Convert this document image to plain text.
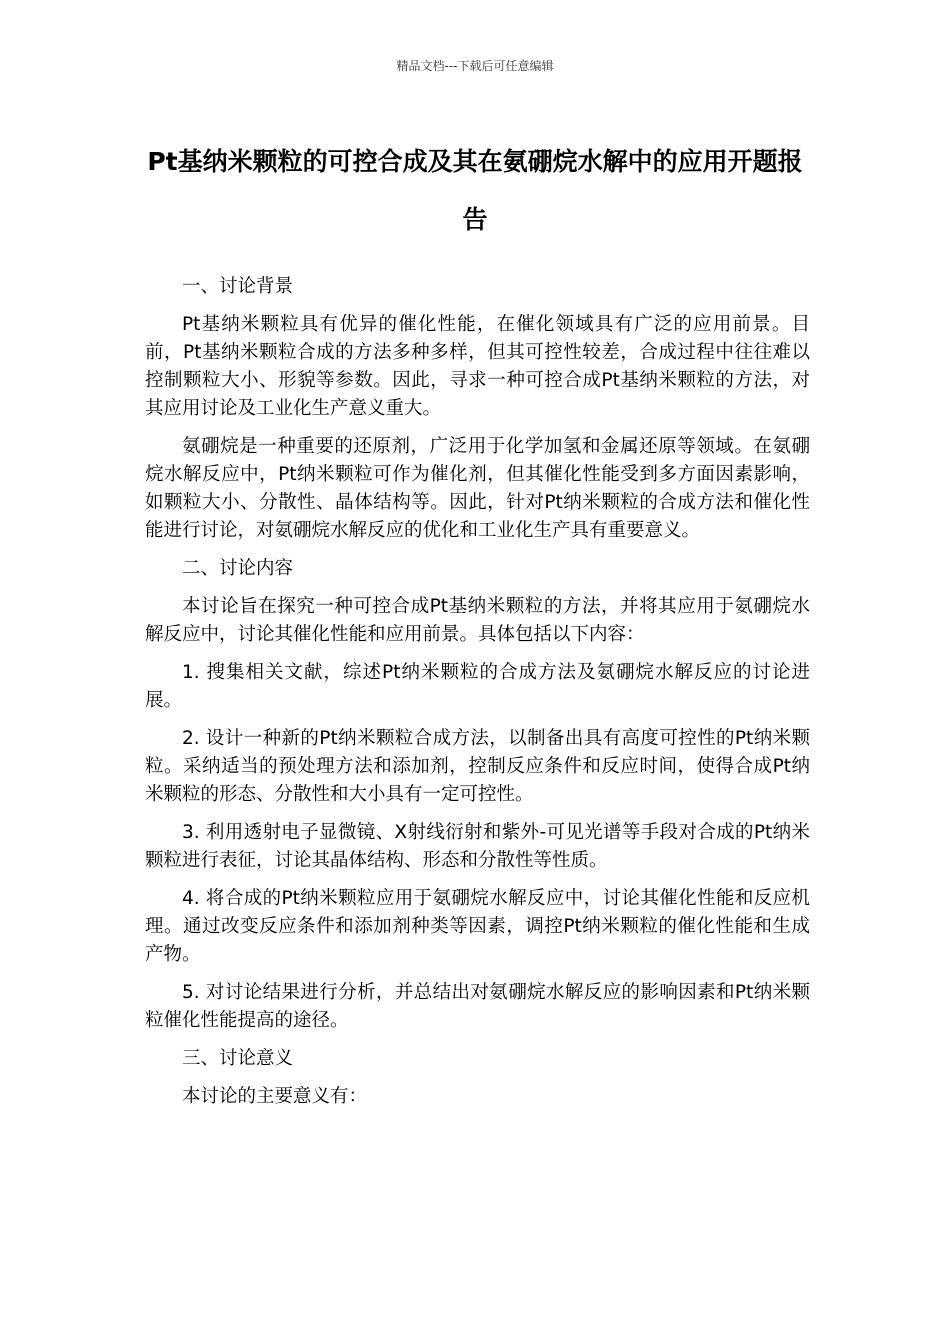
精品文档---下载后可任意编辑
Pt基纳米颗粒的可控合成及其在氨硼烷水解中的应用开题报告

一、讨论背景

Pt基纳米颗粒具有优异的催化性能，在催化领域具有广泛的应用前景。目前，Pt基纳米颗粒合成的方法多种多样，但其可控性较差，合成过程中往往难以控制颗粒大小、形貌等参数。因此，寻求一种可控合成Pt基纳米颗粒的方法，对其应用讨论及工业化生产意义重大。

氨硼烷是一种重要的还原剂，广泛用于化学加氢和金属还原等领域。在氨硼烷水解反应中，Pt纳米颗粒可作为催化剂，但其催化性能受到多方面因素影响，如颗粒大小、分散性、晶体结构等。因此，针对Pt纳米颗粒的合成方法和催化性能进行讨论，对氨硼烷水解反应的优化和工业化生产具有重要意义。

二、讨论内容

本讨论旨在探究一种可控合成Pt基纳米颗粒的方法，并将其应用于氨硼烷水解反应中，讨论其催化性能和应用前景。具体包括以下内容：

1. 搜集相关文献，综述Pt纳米颗粒的合成方法及氨硼烷水解反应的讨论进展。

2. 设计一种新的Pt纳米颗粒合成方法，以制备出具有高度可控性的Pt纳米颗粒。采纳适当的预处理方法和添加剂，控制反应条件和反应时间，使得合成Pt纳米颗粒的形态、分散性和大小具有一定可控性。

3. 利用透射电子显微镜、X射线衍射和紫外-可见光谱等手段对合成的Pt纳米颗粒进行表征，讨论其晶体结构、形态和分散性等性质。

4. 将合成的Pt纳米颗粒应用于氨硼烷水解反应中，讨论其催化性能和反应机理。通过改变反应条件和添加剂种类等因素，调控Pt纳米颗粒的催化性能和生成产物。

5. 对讨论结果进行分析，并总结出对氨硼烷水解反应的影响因素和Pt纳米颗粒催化性能提高的途径。

三、讨论意义

本讨论的主要意义有：
